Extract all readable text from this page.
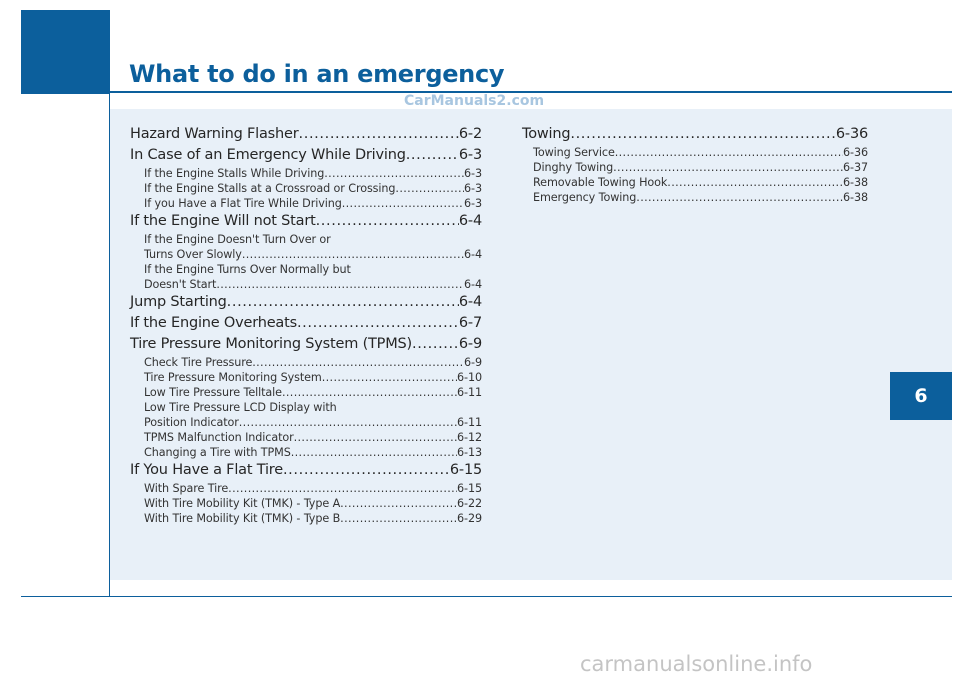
What to do in an emergency
CarManuals2.com
Hazard Warning Flasher . . .	6-2
In Case of an Emergency While Driving . . .	6-3
If the Engine Stalls While Driving . . .	6-3
If the Engine Stalls at a Crossroad or Crossing . . .	6-3
If you Have a Flat Tire While Driving . . .	6-3
If the Engine Will not Start . . .	6-4
If the Engine Doesn't Turn Over or
Turns Over Slowly . . .	6-4
If the Engine Turns Over Normally but
Doesn't Start . . .	6-4
Jump Starting . . .	6-4
If the Engine Overheats . . .	6-7
Tire Pressure Monitoring System (TPMS) . . .	6-9
Check Tire Pressure . . .	6-9
Tire Pressure Monitoring System . . .	6-10
Low Tire Pressure Telltale . . .	6-11
Low Tire Pressure LCD Display with
Position Indicator . . .	6-11
TPMS Malfunction Indicator . . .	6-12
Changing a Tire with TPMS . . .	6-13
If You Have a Flat Tire . . .	6-15
With Spare Tire . . .	6-15
With Tire Mobility Kit (TMK) - Type A . . .	6-22
With Tire Mobility Kit (TMK) - Type B . . .	6-29
Towing . . .	6-36
Towing Service . . .	6-36
Dinghy Towing . . .	6-37
Removable Towing Hook . . .	6-38
Emergency Towing . . .	6-38
6
carmanualsonline.info
